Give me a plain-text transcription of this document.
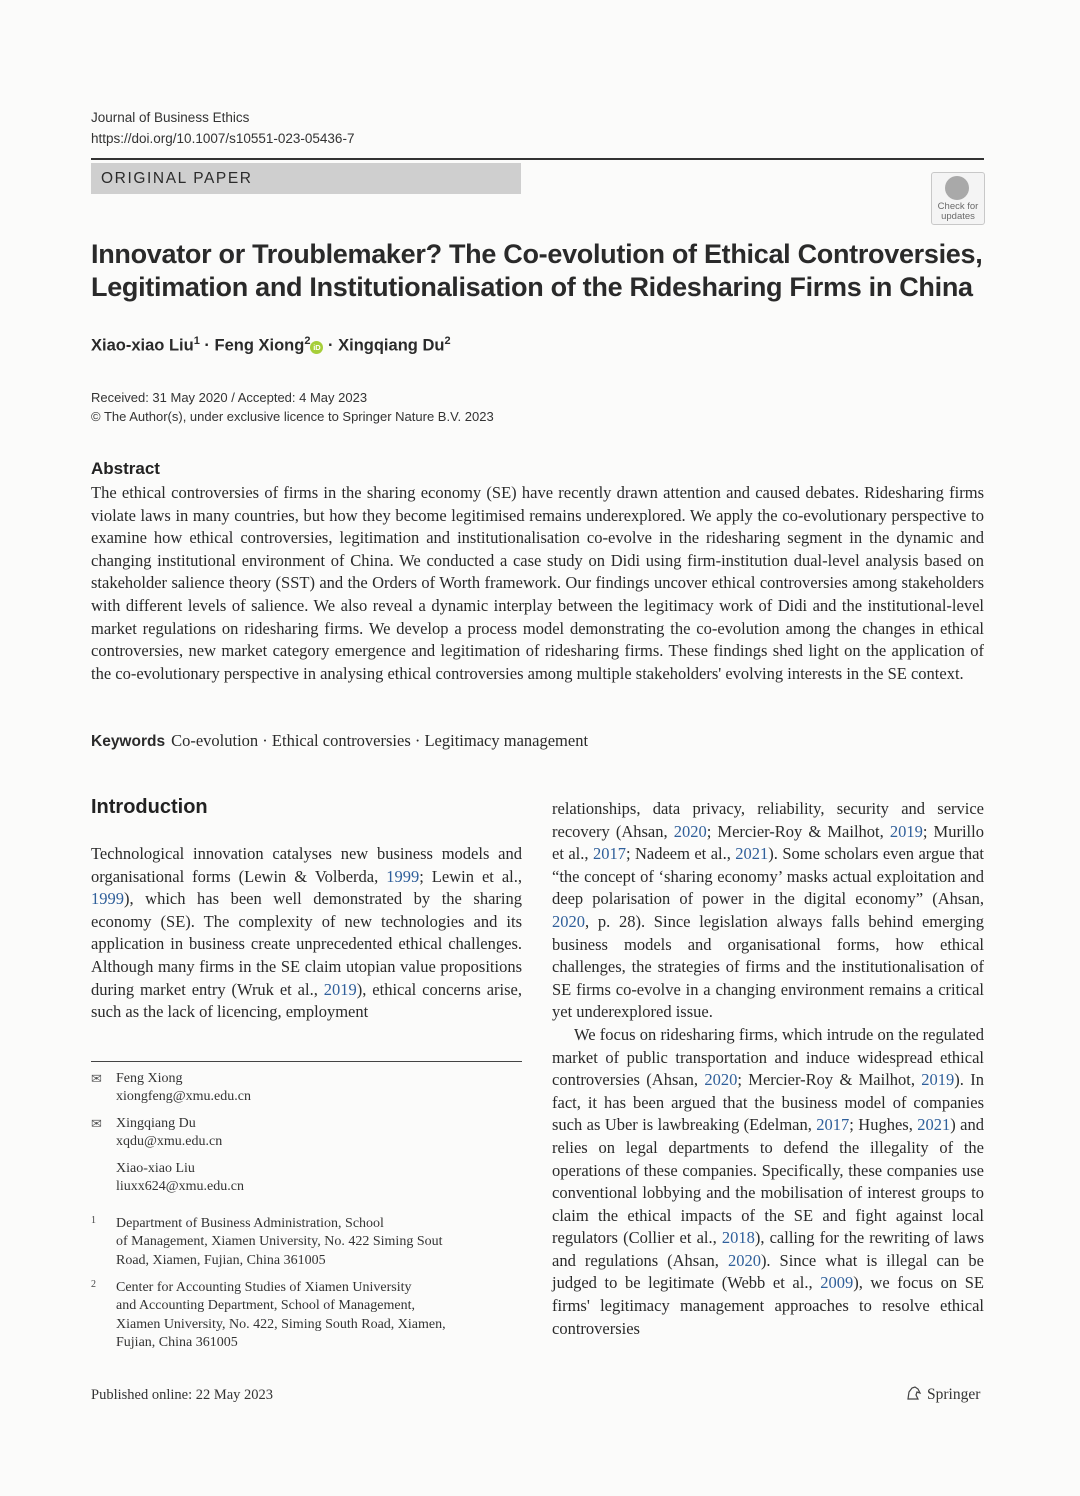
Journal of Business Ethics
https://doi.org/10.1007/s10551-023-05436-7
ORIGINAL PAPER
Check for updates
Innovator or Troublemaker? The Co-evolution of Ethical Controversies,
Legitimation and Institutionalisation of the Ridesharing Firms in China
Xiao-xiao Liu$^1$ · Feng Xiong$^2$ iD · Xingqiang Du$^2$
Received: 31 May 2020 / Accepted: 4 May 2023
© The Author(s), under exclusive licence to Springer Nature B.V. 2023
Abstract
The ethical controversies of firms in the sharing economy (SE) have recently drawn attention and caused debates. Ridesharing firms violate laws in many countries, but how they become legitimised remains underexplored. We apply the co-evolutionary perspective to examine how ethical controversies, legitimation and institutionalisation co-evolve in the ridesharing segment in the dynamic and changing institutional environment of China. We conducted a case study on Didi using firm-institution dual-level analysis based on stakeholder salience theory (SST) and the Orders of Worth framework. Our findings uncover ethical controversies among stakeholders with different levels of salience. We also reveal a dynamic interplay between the legitimacy work of Didi and the institutional-level market regulations on ridesharing firms. We develop a process model demonstrating the co-evolution among the changes in ethical controversies, new market category emergence and legitimation of ridesharing firms. These findings shed light on the application of the co-evolutionary perspective in analysing ethical controversies among multiple stakeholders' evolving interests in the SE context.
Keywords Co-evolution · Ethical controversies · Legitimacy management
Introduction

Technological innovation catalyses new business models and organisational forms (Lewin & Volberda, 1999; Lewin et al., 1999), which has been well demonstrated by the sharing economy (SE). The complexity of new technologies and its application in business create unprecedented ethical challenges. Although many firms in the SE claim utopian value propositions during market entry (Wruk et al., 2019), ethical concerns arise, such as the lack of licencing, employment

relationships, data privacy, reliability, security and service recovery (Ahsan, 2020; Mercier-Roy & Mailhot, 2019; Murillo et al., 2017; Nadeem et al., 2021). Some scholars even argue that “the concept of ‘sharing economy’ masks actual exploitation and deep polarisation of power in the digital economy” (Ahsan, 2020, p. 28). Since legislation always falls behind emerging business models and organisational forms, how ethical challenges, the strategies of firms and the institutionalisation of SE firms co-evolve in a changing environment remains a critical yet underexplored issue.

We focus on ridesharing firms, which intrude on the regulated market of public transportation and induce widespread ethical controversies (Ahsan, 2020; Mercier-Roy & Mailhot, 2019). In fact, it has been argued that the business model of companies such as Uber is lawbreaking (Edelman, 2017; Hughes, 2021) and relies on legal departments to defend the illegality of the operations of these companies. Specifically, these companies use conventional lobbying and the mobilisation of interest groups to claim the ethical impacts of the SE and fight against local regulators (Collier et al., 2018), calling for the rewriting of laws and regulations (Ahsan, 2020). Since what is illegal can be judged to be legitimate (Webb et al., 2009), we focus on SE firms' legitimacy management approaches to resolve ethical controversies

✉ Feng Xiong
xiongfeng@xmu.edu.cn
✉ Xingqiang Du
xqdu@xmu.edu.cn
Xiao-xiao Liu
liuxx624@xmu.edu.cn
1 Department of Business Administration, School
of Management, Xiamen University, No. 422 Siming Sout
Road, Xiamen, Fujian, China 361005
2 Center for Accounting Studies of Xiamen University
and Accounting Department, School of Management,
Xiamen University, No. 422, Siming South Road, Xiamen,
Fujian, China 361005
Published online: 22 May 2023	Springer
